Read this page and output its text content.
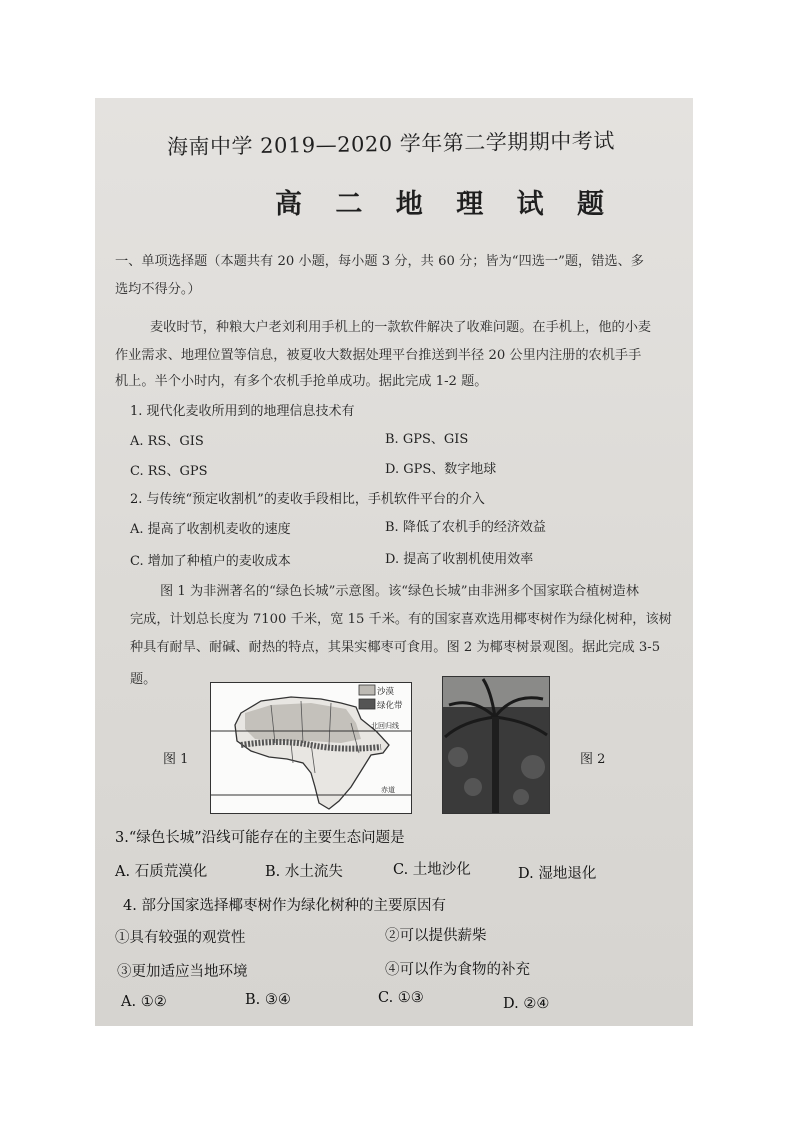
海南中学 2019—2020 学年第二学期期中考试
高 二 地 理 试 题
一、单项选择题（本题共有 20 小题，每小题 3 分，共 60 分；皆为“四选一”题，错选、多
选均不得分。）
麦收时节，种粮大户老刘利用手机上的一款软件解决了收难问题。在手机上，他的小麦
作业需求、地理位置等信息，被夏收大数据处理平台推送到半径 20 公里内注册的农机手手
机上。半个小时内，有多个农机手抢单成功。据此完成 1-2 题。
1. 现代化麦收所用到的地理信息技术有
A. RS、GIS	B. GPS、GIS
C. RS、GPS	D. GPS、数字地球
2. 与传统“预定收割机”的麦收手段相比，手机软件平台的介入
A. 提高了收割机麦收的速度	B. 降低了农机手的经济效益
C. 增加了种植户的麦收成本	D. 提高了收割机使用效率
图 1 为非洲著名的“绿色长城”示意图。该“绿色长城”由非洲多个国家联合植树造林
完成，计划总长度为 7100 千米，宽 15 千米。有的国家喜欢选用椰枣树作为绿化树种，该树
种具有耐旱、耐碱、耐热的特点，其果实椰枣可食用。图 2 为椰枣树景观图。据此完成 3-5
题。
图 1
沙漠
绿化带
北回归线
赤道
图 2
3.“绿色长城”沿线可能存在的主要生态问题是
A. 石质荒漠化	B. 水土流失	C. 土地沙化	D. 湿地退化
4. 部分国家选择椰枣树作为绿化树种的主要原因有
①具有较强的观赏性	②可以提供薪柴
③更加适应当地环境	④可以作为食物的补充
A. ①②	B. ③④	C. ①③	D. ②④
